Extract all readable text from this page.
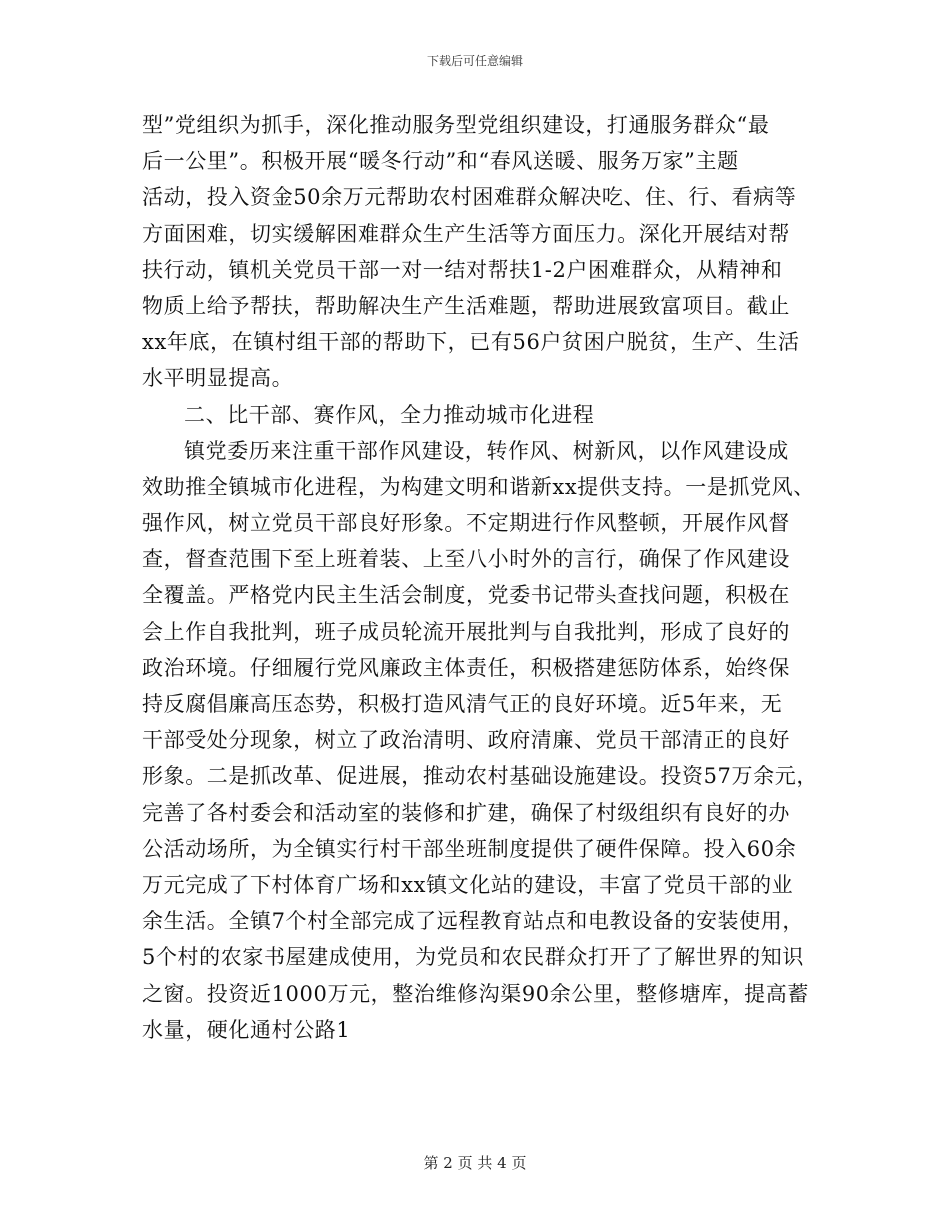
下载后可任意编辑
型”党组织为抓手，深化推动服务型党组织建设，打通服务群众“最
后一公里”。积极开展“暖冬行动”和“春风送暖、服务万家”主题
活动，投入资金50余万元帮助农村困难群众解决吃、住、行、看病等
方面困难，切实缓解困难群众生产生活等方面压力。深化开展结对帮
扶行动，镇机关党员干部一对一结对帮扶1-2户困难群众，从精神和
物质上给予帮扶，帮助解决生产生活难题，帮助进展致富项目。截止
xx年底，在镇村组干部的帮助下，已有56户贫困户脱贫，生产、生活
水平明显提高。
二、比干部、赛作风，全力推动城市化进程
镇党委历来注重干部作风建设，转作风、树新风，以作风建设成
效助推全镇城市化进程，为构建文明和谐新xx提供支持。一是抓党风、
强作风，树立党员干部良好形象。不定期进行作风整顿，开展作风督
查，督查范围下至上班着装、上至八小时外的言行，确保了作风建设
全覆盖。严格党内民主生活会制度，党委书记带头查找问题，积极在
会上作自我批判，班子成员轮流开展批判与自我批判，形成了良好的
政治环境。仔细履行党风廉政主体责任，积极搭建惩防体系，始终保
持反腐倡廉高压态势，积极打造风清气正的良好环境。近5年来，无
干部受处分现象，树立了政治清明、政府清廉、党员干部清正的良好
形象。二是抓改革、促进展，推动农村基础设施建设。投资57万余元，
完善了各村委会和活动室的装修和扩建，确保了村级组织有良好的办
公活动场所，为全镇实行村干部坐班制度提供了硬件保障。投入60余
万元完成了下村体育广场和xx镇文化站的建设，丰富了党员干部的业
余生活。全镇7个村全部完成了远程教育站点和电教设备的安装使用，
5个村的农家书屋建成使用，为党员和农民群众打开了了解世界的知识
之窗。投资近1000万元，整治维修沟渠90余公里，整修塘库，提高蓄
水量，硬化通村公路1
第 2 页 共 4 页
